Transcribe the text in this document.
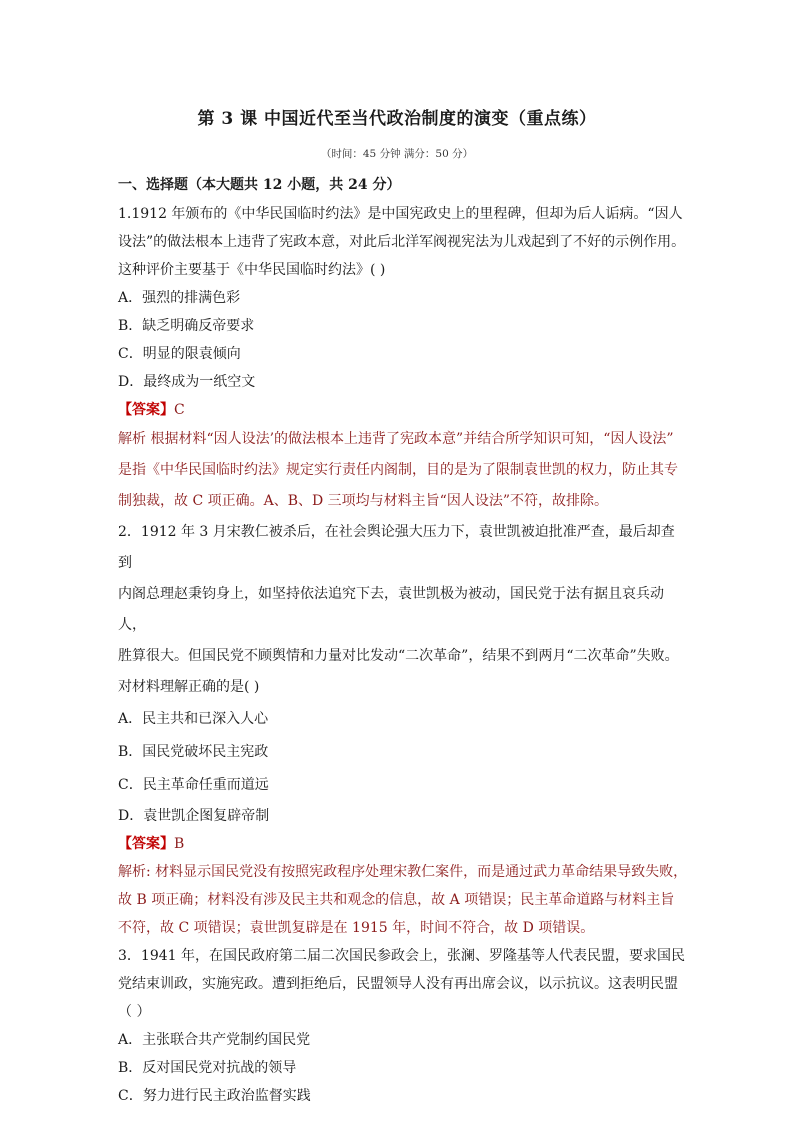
第 3 课 中国近代至当代政治制度的演变（重点练）
（时间：45 分钟 满分：50 分）
一、选择题（本大题共 12 小题，共 24 分）

1.1912 年颁布的《中华民国临时约法》是中国宪政史上的里程碑，但却为后人诟病。“因人

设法”的做法根本上违背了宪政本意，对此后北洋军阀视宪法为儿戏起到了不好的示例作用。

这种评价主要基于《中华民国临时约法》( )

A．强烈的排满色彩

B．缺乏明确反帝要求

C．明显的限袁倾向

D．最终成为一纸空文

【答案】C

解析 根据材料“因人设法’的做法根本上违背了宪政本意”并结合所学知识可知，“因人设法”

是指《中华民国临时约法》规定实行责任内阁制，目的是为了限制袁世凯的权力，防止其专

制独裁，故 C 项正确。A、B、D 三项均与材料主旨“因人设法”不符，故排除。

2．1912 年 3 月宋教仁被杀后，在社会舆论强大压力下，袁世凯被迫批准严查，最后却查到

内阁总理赵秉钧身上，如坚持依法追究下去，袁世凯极为被动，国民党于法有据且哀兵动人，

胜算很大。但国民党不顾舆情和力量对比发动“二次革命”，结果不到两月“二次革命”失败。

对材料理解正确的是( )

A．民主共和已深入人心

B．国民党破坏民主宪政

C．民主革命任重而道远

D．袁世凯企图复辟帝制

【答案】B

解析: 材料显示国民党没有按照宪政程序处理宋教仁案件，而是通过武力革命结果导致失败，

故 B 项正确；材料没有涉及民主共和观念的信息，故 A 项错误；民主革命道路与材料主旨

不符，故 C 项错误；袁世凯复辟是在 1915 年，时间不符合，故 D 项错误。

3．1941 年，在国民政府第二届二次国民参政会上，张澜、罗隆基等人代表民盟，要求国民

党结束训政，实施宪政。遭到拒绝后，民盟领导人没有再出席会议，以示抗议。这表明民盟

（ ）

A．主张联合共产党制约国民党

B．反对国民党对抗战的领导

C．努力进行民主政治监督实践
